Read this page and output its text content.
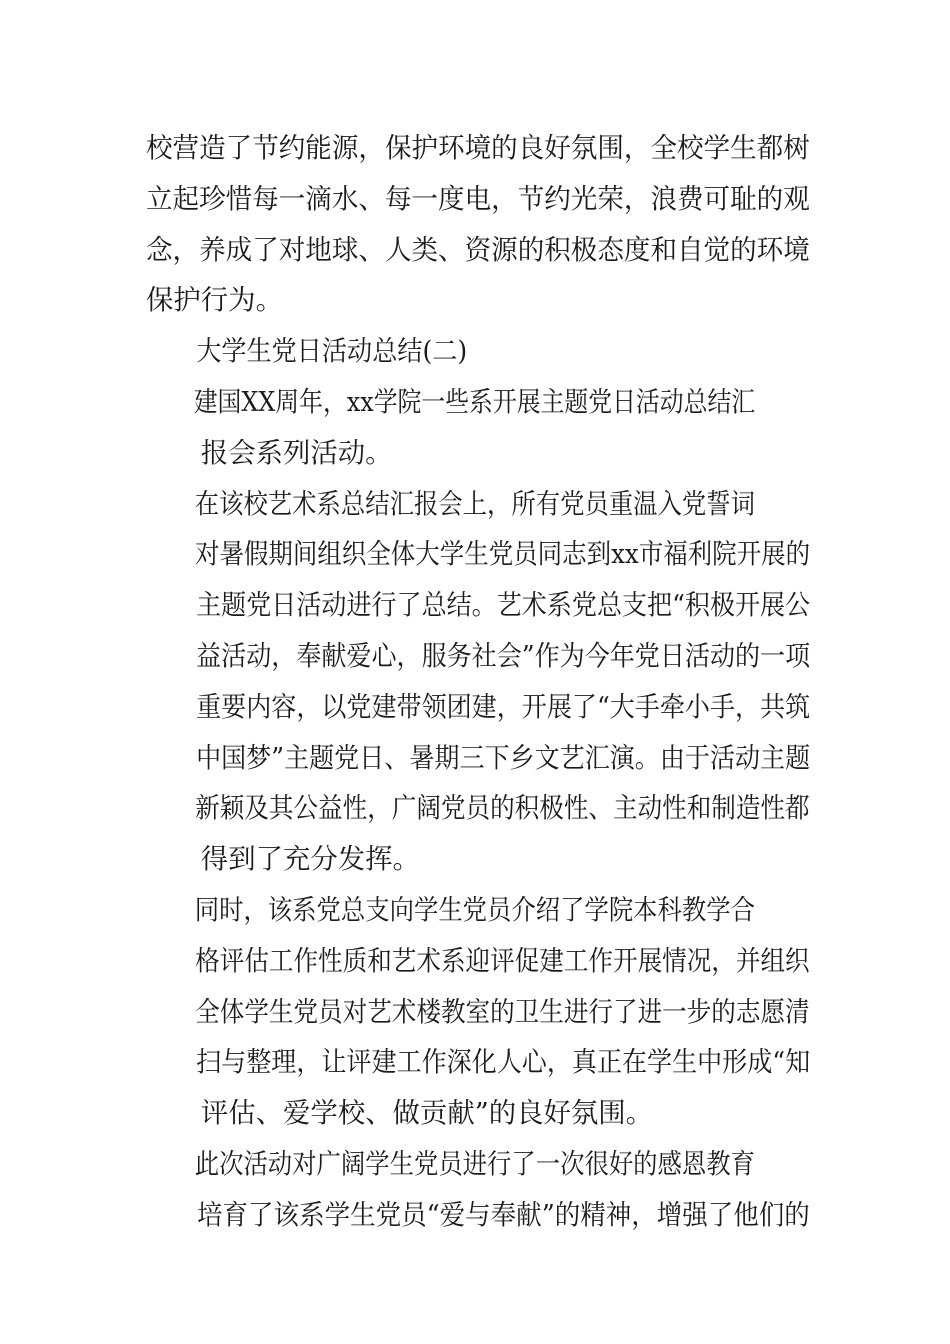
校营造了节约能源，保护环境的良好氛围，全校学生都树
立起珍惜每一滴水、每一度电，节约光荣，浪费可耻的观
念，养成了对地球、人类、资源的积极态度和自觉的环境
保护行为。
大学生党日活动总结(二)
建国XX周年，xx学院一些系开展主题党日活动总结汇
报会系列活动。
在该校艺术系总结汇报会上，所有党员重温入党誓词
对暑假期间组织全体大学生党员同志到xx市福利院开展的
主题党日活动进行了总结。艺术系党总支把“积极开展公
益活动，奉献爱心，服务社会”作为今年党日活动的一项
重要内容，以党建带领团建，开展了“大手牵小手，共筑
中国梦”主题党日、暑期三下乡文艺汇演。由于活动主题
新颖及其公益性，广阔党员的积极性、主动性和制造性都
得到了充分发挥。
同时，该系党总支向学生党员介绍了学院本科教学合
格评估工作性质和艺术系迎评促建工作开展情况，并组织
全体学生党员对艺术楼教室的卫生进行了进一步的志愿清
扫与整理，让评建工作深化人心，真正在学生中形成“知
评估、爱学校、做贡献”的良好氛围。
此次活动对广阔学生党员进行了一次很好的感恩教育
培育了该系学生党员“爱与奉献”的精神，增强了他们的
